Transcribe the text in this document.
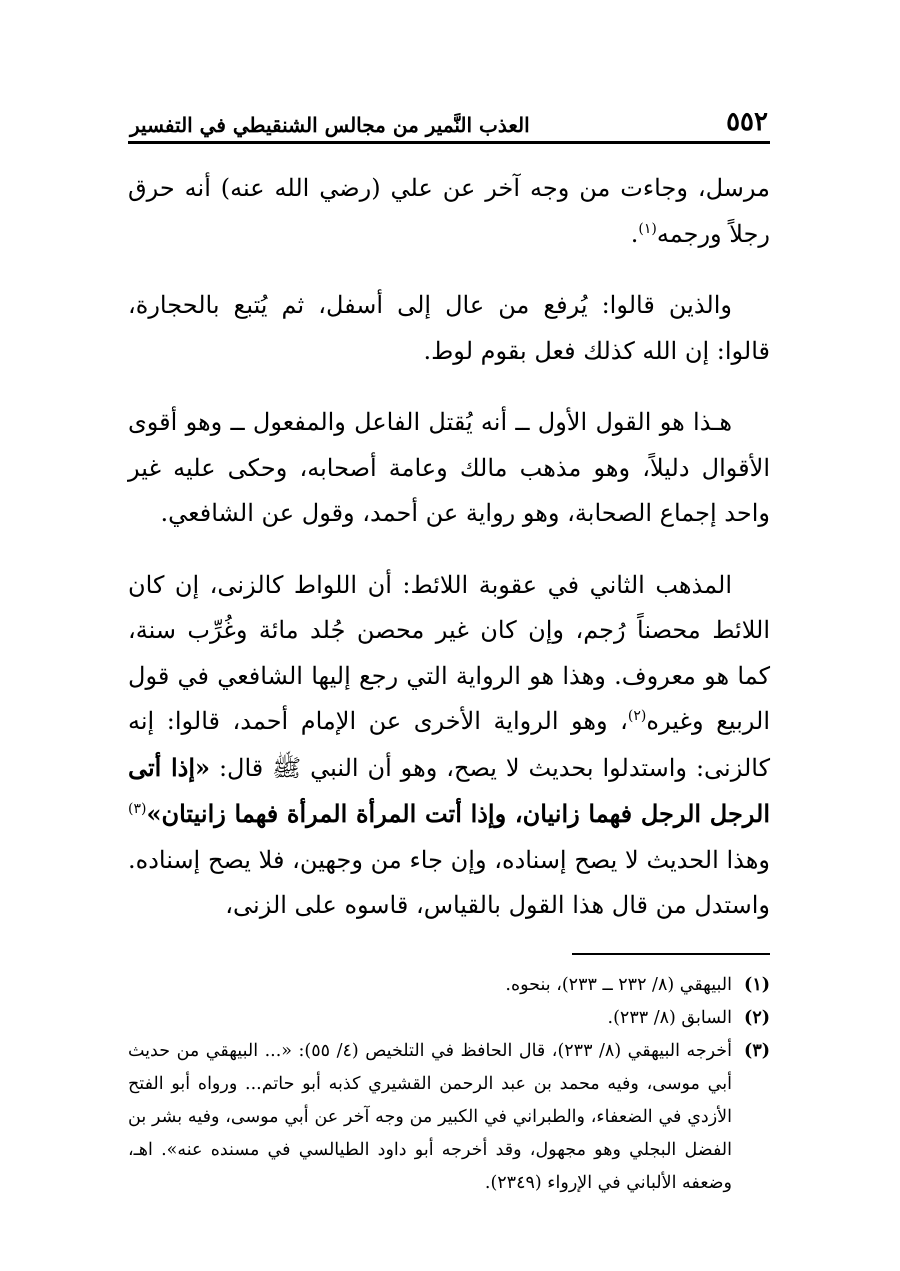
٥٥٢
العذب النَّمير من مجالس الشنقيطي في التفسير

مرسل، وجاءت من وجه آخر عن علي (رضي الله عنه) أنه حرق رجلاً ورجمه$^{(١)}$.

والذين قالوا: يُرفع من عال إلى أسفل، ثم يُتبع بالحجارة، قالوا: إن الله كذلك فعل بقوم لوط.

هـذا هو القول الأول ــ أنه يُقتل الفاعل والمفعول ــ وهو أقوى الأقوال دليلاً، وهو مذهب مالك وعامة أصحابه، وحكى عليه غير واحد إجماع الصحابة، وهو رواية عن أحمد، وقول عن الشافعي.

المذهب الثاني في عقوبة اللائط: أن اللواط كالزنى، إن كان اللائط محصناً رُجم، وإن كان غير محصن جُلد مائة وغُرِّب سنة، كما هو معروف. وهذا هو الرواية التي رجع إليها الشافعي في قول الربيع وغيره$^{(٢)}$، وهو الرواية الأخرى عن الإمام أحمد، قالوا: إنه كالزنى: واستدلوا بحديث لا يصح، وهو أن النبي ﷺ قال: «إذا أتى الرجل الرجل فهما زانيان، وإذا أتت المرأة المرأة فهما زانيتان»$^{(٣)}$ وهذا الحديث لا يصح إسناده، وإن جاء من وجهين، فلا يصح إسناده. واستدل من قال هذا القول بالقياس، قاسوه على الزنى،

(١)
البيهقي (٨/ ٢٣٢ ــ ٢٣٣)، بنحوه.
(٢)
السابق (٨/ ٢٣٣).
(٣)
أخرجه البيهقي (٨/ ٢٣٣)، قال الحافظ في التلخيص (٤/ ٥٥): «... البيهقي من حديث أبي موسى، وفيه محمد بن عبد الرحمن القشيري كذبه أبو حاتم... ورواه أبو الفتح الأزدي في الضعفاء، والطبراني في الكبير من وجه آخر عن أبي موسى، وفيه بشر بن الفضل البجلي وهو مجهول، وقد أخرجه أبو داود الطيالسي في مسنده عنه». اهـ، وضعفه الألباني في الإرواء (٢٣٤٩).
